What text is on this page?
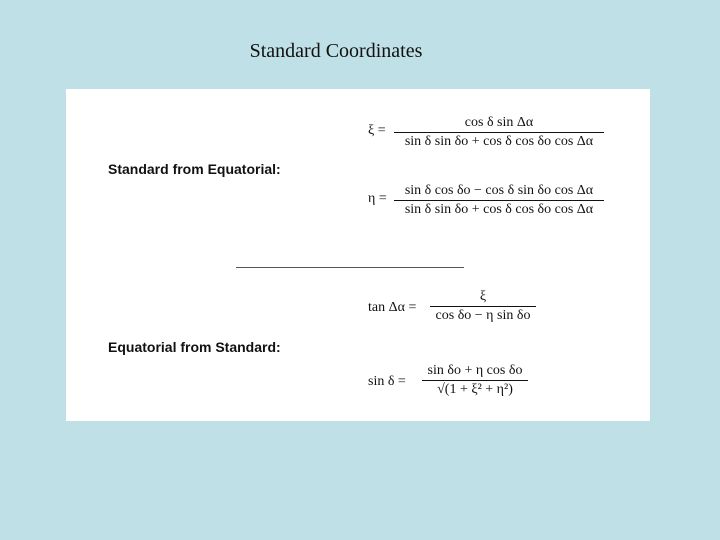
Standard Coordinates
Standard from Equatorial:
Equatorial from Standard:
ξ =
cos δ sin Δα
sin δ sin δo + cos δ cos δo cos Δα
η =
sin δ cos δo − cos δ sin δo cos Δα
sin δ sin δo + cos δ cos δo cos Δα
tan Δα =
ξ
cos δo − η sin δo
sin δ =
sin δo + η cos δo
√(1 + ξ² + η²)
